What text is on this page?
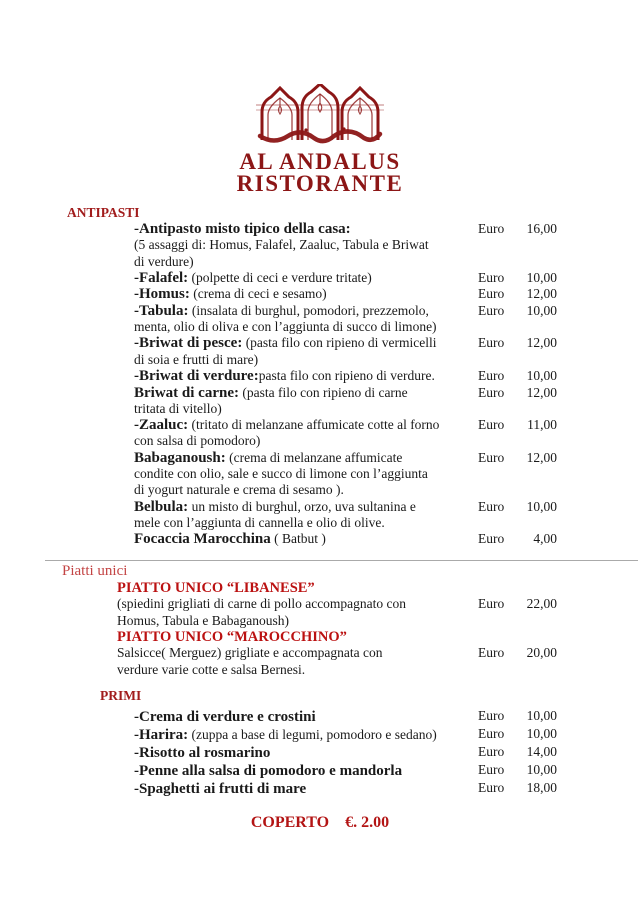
AL ANDALUS
RISTORANTE
ANTIPASTI
-Antipasto misto tipico della casa:
(5 assaggi di: Homus, Falafel, Zaaluc, Tabula e Briwat
di verdure)
Euro	16,00
-Falafel: (polpette di ceci e verdure tritate)	Euro	10,00
-Homus: (crema di ceci e sesamo)	Euro	12,00
-Tabula: (insalata di burghul, pomodori, prezzemolo,
menta, olio di oliva e con l’aggiunta di succo di limone)
Euro	10,00
-Briwat di pesce: (pasta filo con ripieno di vermicelli
di soia e frutti di mare)
Euro	12,00
-Briwat di verdure:pasta filo con ripieno di verdure.	Euro	10,00
Briwat di carne: (pasta filo con ripieno di carne
tritata di vitello)
Euro	12,00
-Zaaluc: (tritato di melanzane affumicate cotte al forno
con salsa di pomodoro)
Euro	11,00
Babaganoush: (crema di melanzane affumicate
condite con olio, sale e succo di limone con l’aggiunta
di yogurt naturale e crema di sesamo ).
Euro	12,00
Belbula: un misto di burghul, orzo, uva sultanina e
mele con l’aggiunta di cannella e olio di olive.
Euro	10,00
Focaccia Marocchina ( Batbut )	Euro	4,00
Piatti unici
PIATTO UNICO “LIBANESE”
(spiedini grigliati di carne di pollo accompagnato con
Homus, Tabula e Babaganoush)
Euro	22,00
PIATTO UNICO “MAROCCHINO”
Salsicce( Merguez) grigliate e accompagnata con
verdure varie cotte e salsa Bernesi.
Euro	20,00
PRIMI
-Crema di verdure e crostini	Euro	10,00
-Harira: (zuppa a base di legumi, pomodoro e sedano)	Euro	10,00
-Risotto al rosmarino	Euro	14,00
-Penne alla salsa di pomodoro e mandorla	Euro	10,00
-Spaghetti ai frutti di mare	Euro	18,00
COPERTO €. 2.00
